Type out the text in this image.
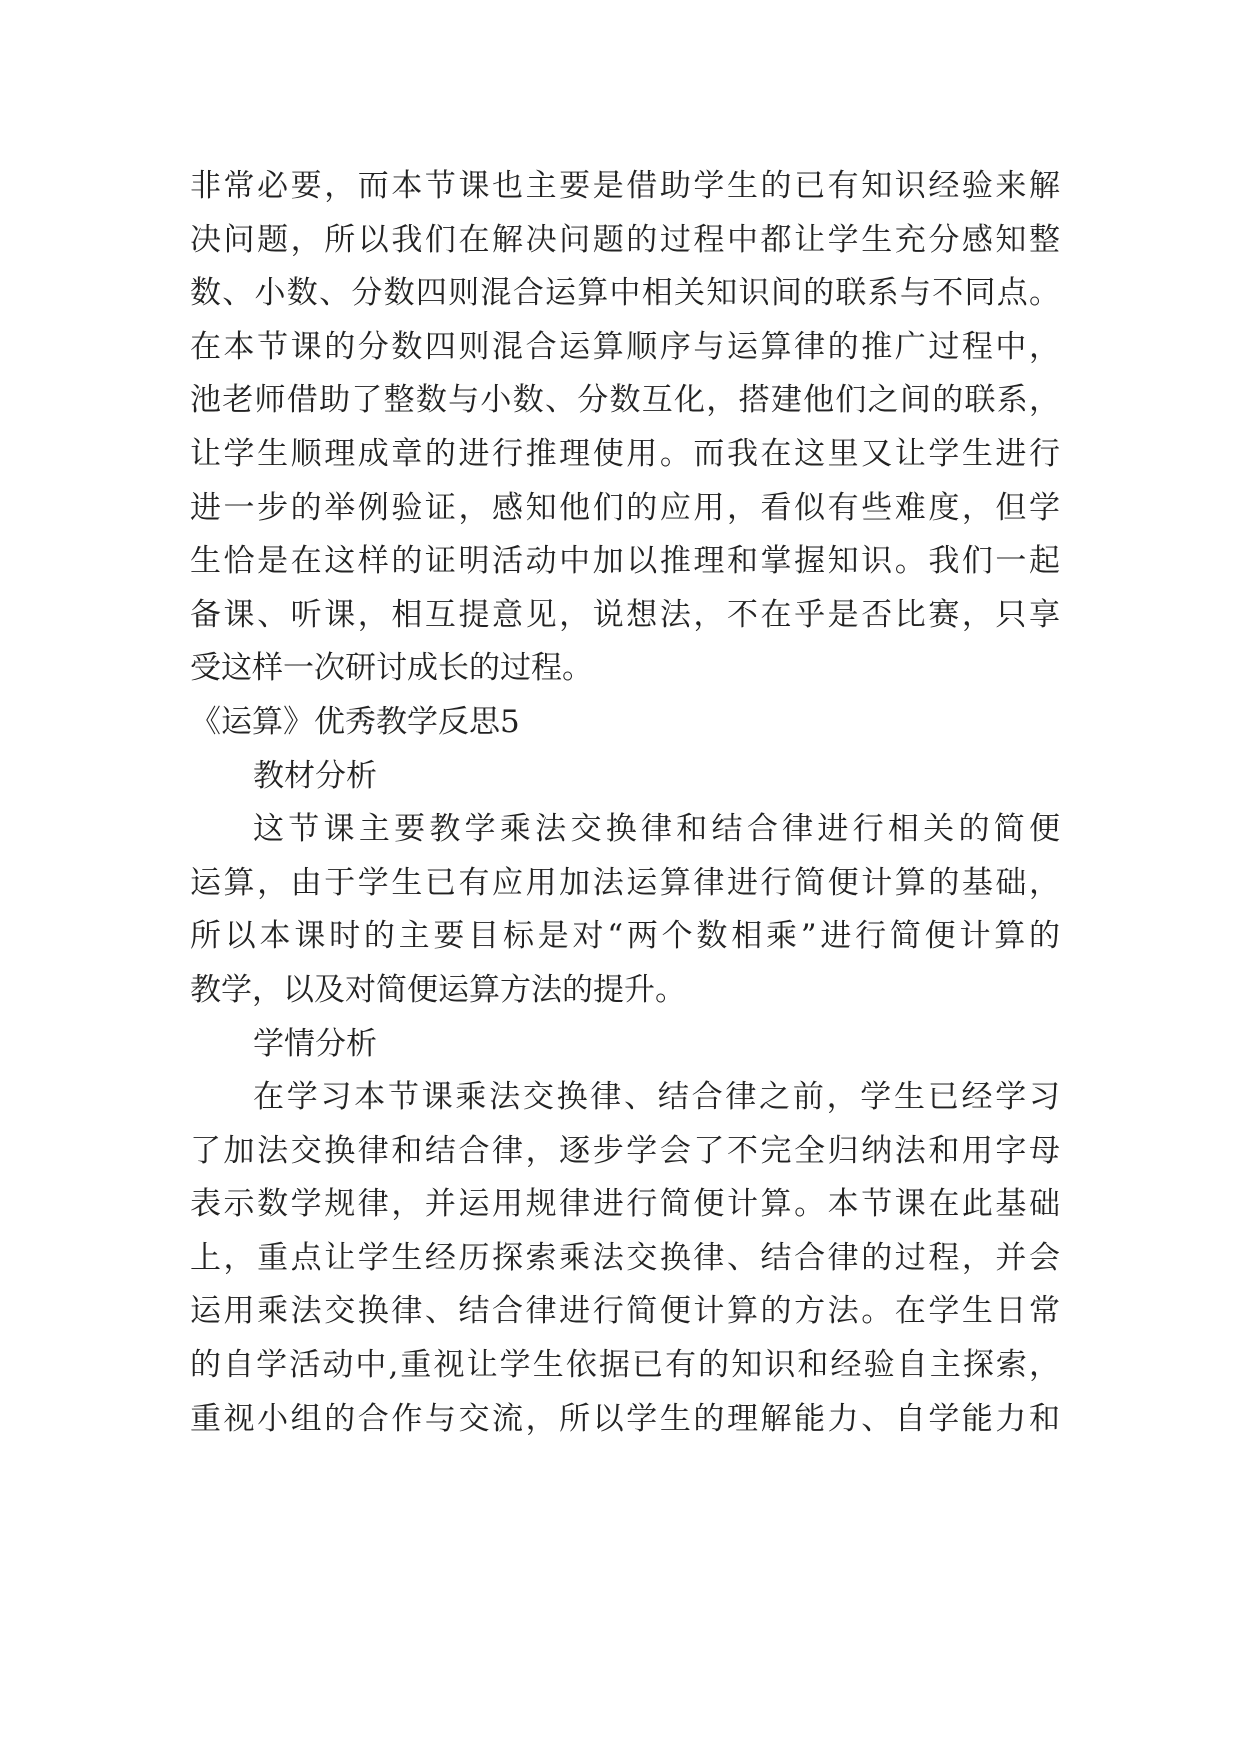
非常必要，而本节课也主要是借助学生的已有知识经验来解
决问题，所以我们在解决问题的过程中都让学生充分感知整
数、小数、分数四则混合运算中相关知识间的联系与不同点。
在本节课的分数四则混合运算顺序与运算律的推广过程中，
池老师借助了整数与小数、分数互化，搭建他们之间的联系，
让学生顺理成章的进行推理使用。而我在这里又让学生进行
进一步的举例验证，感知他们的应用，看似有些难度，但学
生恰是在这样的证明活动中加以推理和掌握知识。我们一起
备课、听课，相互提意见，说想法，不在乎是否比赛，只享
受这样一次研讨成长的过程。
《运算》优秀教学反思5
教材分析
这节课主要教学乘法交换律和结合律进行相关的简便
运算，由于学生已有应用加法运算律进行简便计算的基础，
所以本课时的主要目标是对“两个数相乘”进行简便计算的
教学，以及对简便运算方法的提升。
学情分析
在学习本节课乘法交换律、结合律之前，学生已经学习
了加法交换律和结合律，逐步学会了不完全归纳法和用字母
表示数学规律，并运用规律进行简便计算。本节课在此基础
上，重点让学生经历探索乘法交换律、结合律的过程，并会
运用乘法交换律、结合律进行简便计算的方法。在学生日常
的自学活动中,重视让学生依据已有的知识和经验自主探索，
重视小组的合作与交流，所以学生的理解能力、自学能力和
